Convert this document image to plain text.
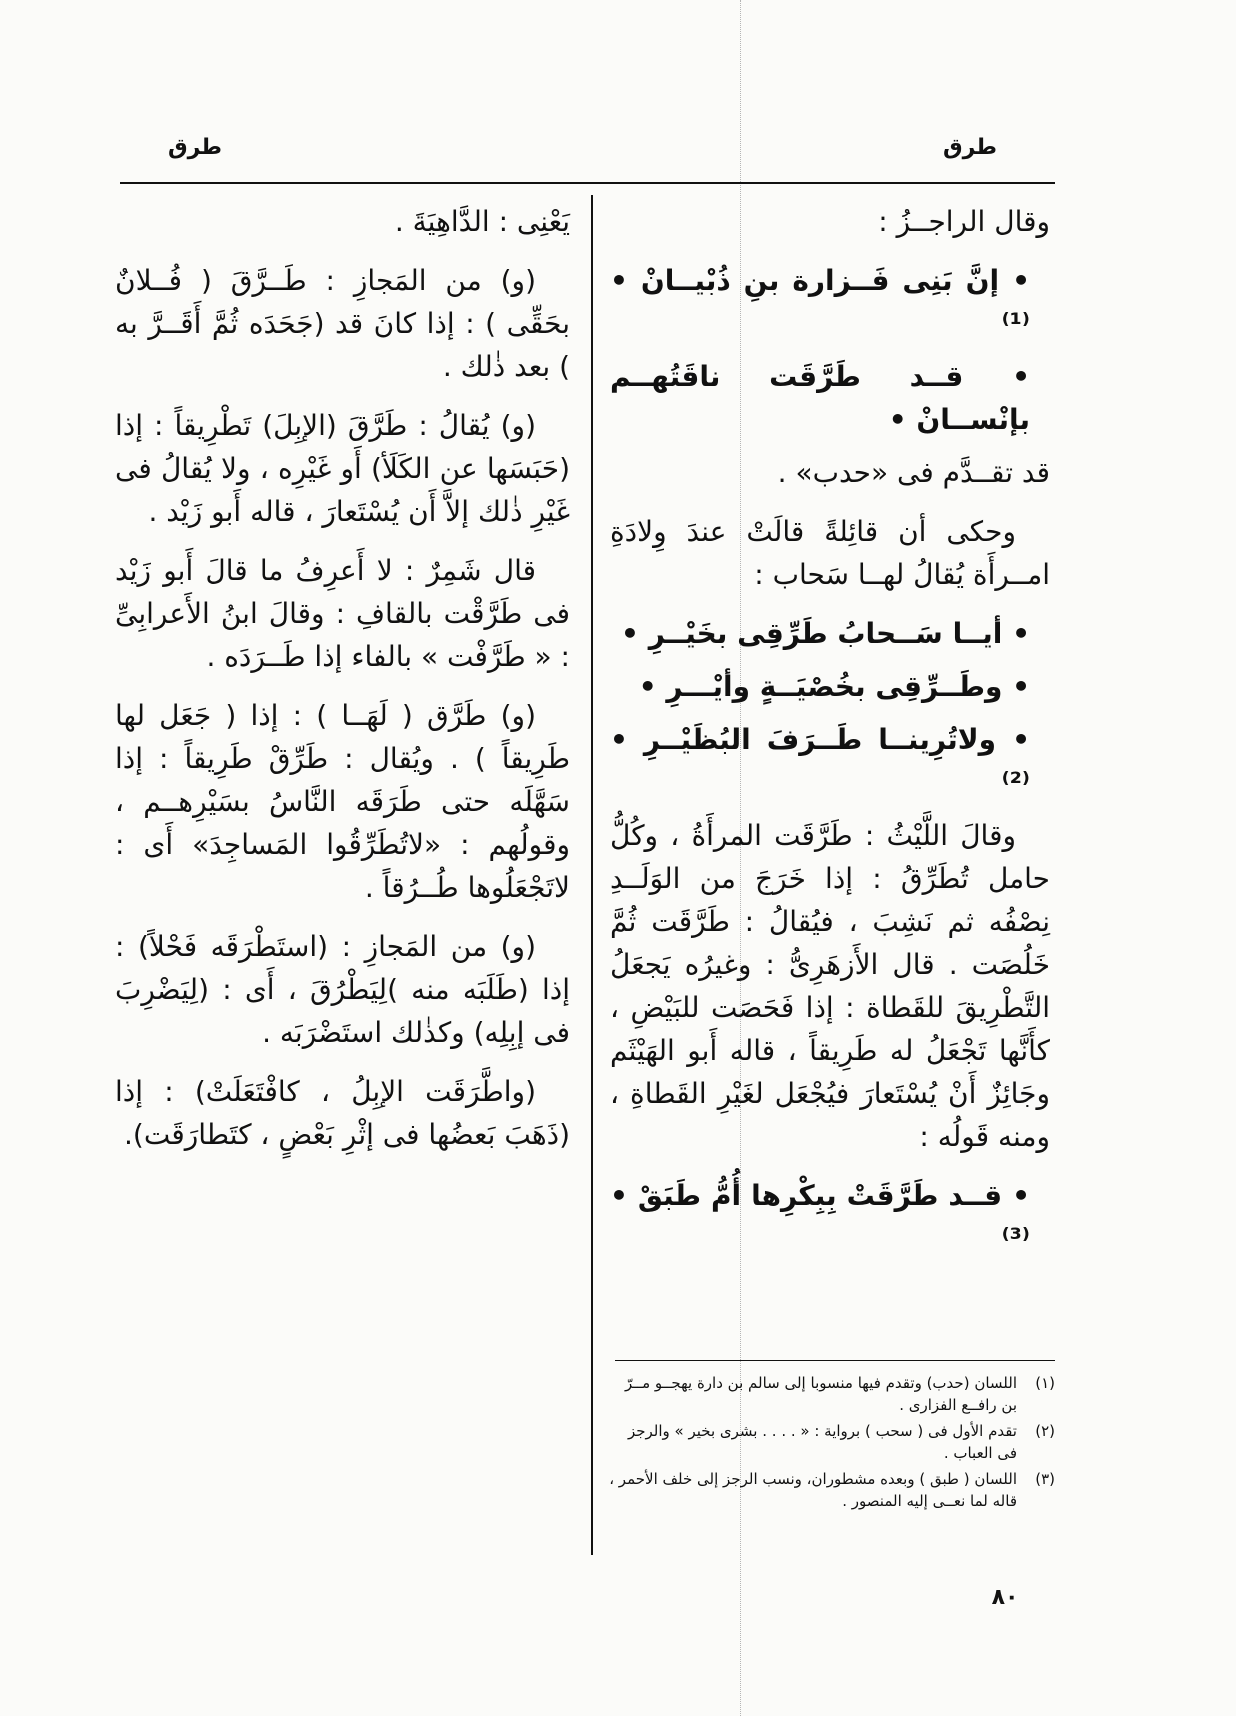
طرق
طرق

وقال الراجــزُ :

• إنَّ بَنِى فَــزارة بنِ ذُبْيــانْ • ⁽¹⁾

• قــد طَرَّقَت ناقَتُهــم بإنْســانْ •

قد تقــدَّم فى «حدب» .

وحكى أن قائِلةً قالَتْ عندَ وِلادَةِ امــرأَة يُقالُ لهــا سَحاب :

• أيــا سَــحابُ طَرِّقِى بخَيْــرِ •

• وطَــرِّقِى بخُصْيَــةٍ وأيْـــرِ •

• ولاتُرِينــا طَــرَفَ البُظَيْــرِ • ⁽²⁾

وقالَ اللَّيْثُ : طَرَّقَت المرأَةُ ، وكُلُّ حامل تُطَرِّقُ : إذا خَرَجَ من الوَلَــدِ نِصْفُه ثم نَشِبَ ، فيُقالُ : طَرَّقَت ثُمَّ خَلُصَت . قال الأَزهَرِىُّ : وغيرُه يَجعَلُ التَّطْرِيقَ للقَطاة : إذا فَحَصَت للبَيْضِ ، كأَنَّها تَجْعَلُ له طَرِيقاً ، قاله أَبو الهَيْثَم وجَائِزٌ أَنْ يُسْتَعارَ فيُجْعَل لغَيْرِ القَطاةِ ، ومنه قَولُه :

• قــد طَرَّقَتْ بِبِكْرِها أُمُّ طَبَقْ • ⁽³⁾

يَعْنِى : الدَّاهِيَةَ .

(و) من المَجازِ : طَــرَّقَ ( فُــلانٌ بحَقِّى ) : إذا كانَ قد (جَحَدَه ثُمَّ أَقَــرَّ به ) بعد ذٰلك .

(و) يُقالُ : طَرَّقَ (الإبِلَ) تَطْرِيقاً : إذا (حَبَسَها عن الكَلَأ) أَو غَيْرِه ، ولا يُقالُ فى غَيْرِ ذٰلك إلاَّ أَن يُسْتَعارَ ، قاله أَبو زَيْد .

قال شَمِرٌ : لا أَعرِفُ ما قالَ أَبو زَيْد فى طَرَّقْت بالقافِ : وقالَ ابنُ الأَعرابِىِّ : « طَرَّفْت » بالفاء إذا طَــرَدَه .

(و) طَرَّق ( لَهَــا ) : إذا ( جَعَل لها طَرِيقاً ) . ويُقال : طَرِّقْ طَرِيقاً : إذا سَهَّلَه حتى طَرَقَه النَّاسُ بسَيْرِهــم ، وقولُهم : «لاتُطَرِّقُوا المَساجِدَ» أَى : لاتَجْعَلُوها طُــرُقاً .

(و) من المَجازِ : (استَطْرَقَه فَحْلاً) : إذا (طَلَبَه منه )لِيَطْرُقَ ، أَى : (لِيَضْرِبَ فى إبِلِه) وكذٰلك استَضْرَبَه .

(واطَّرَقَت الإبِلُ ، كافْتَعَلَتْ) : إذا (ذَهَبَ بَعضُها فى إثْرِ بَعْضٍ ، كتَطارَقَت).

(١)
اللسان (حدب) وتقدم فيها منسوبا إلى سالم بن دارة يهجــو مــرّ بن رافــع الفزارى .
(٢)
تقدم الأول فى ( سحب ) برواية : « . . . . بشرى بخير » والرجز فى العباب .
(٣)
اللسان ( طبق ) وبعده مشطوران، ونسب الرجز إلى خلف الأحمر ، قاله لما نعــى إليه المنصور .
٨٠
